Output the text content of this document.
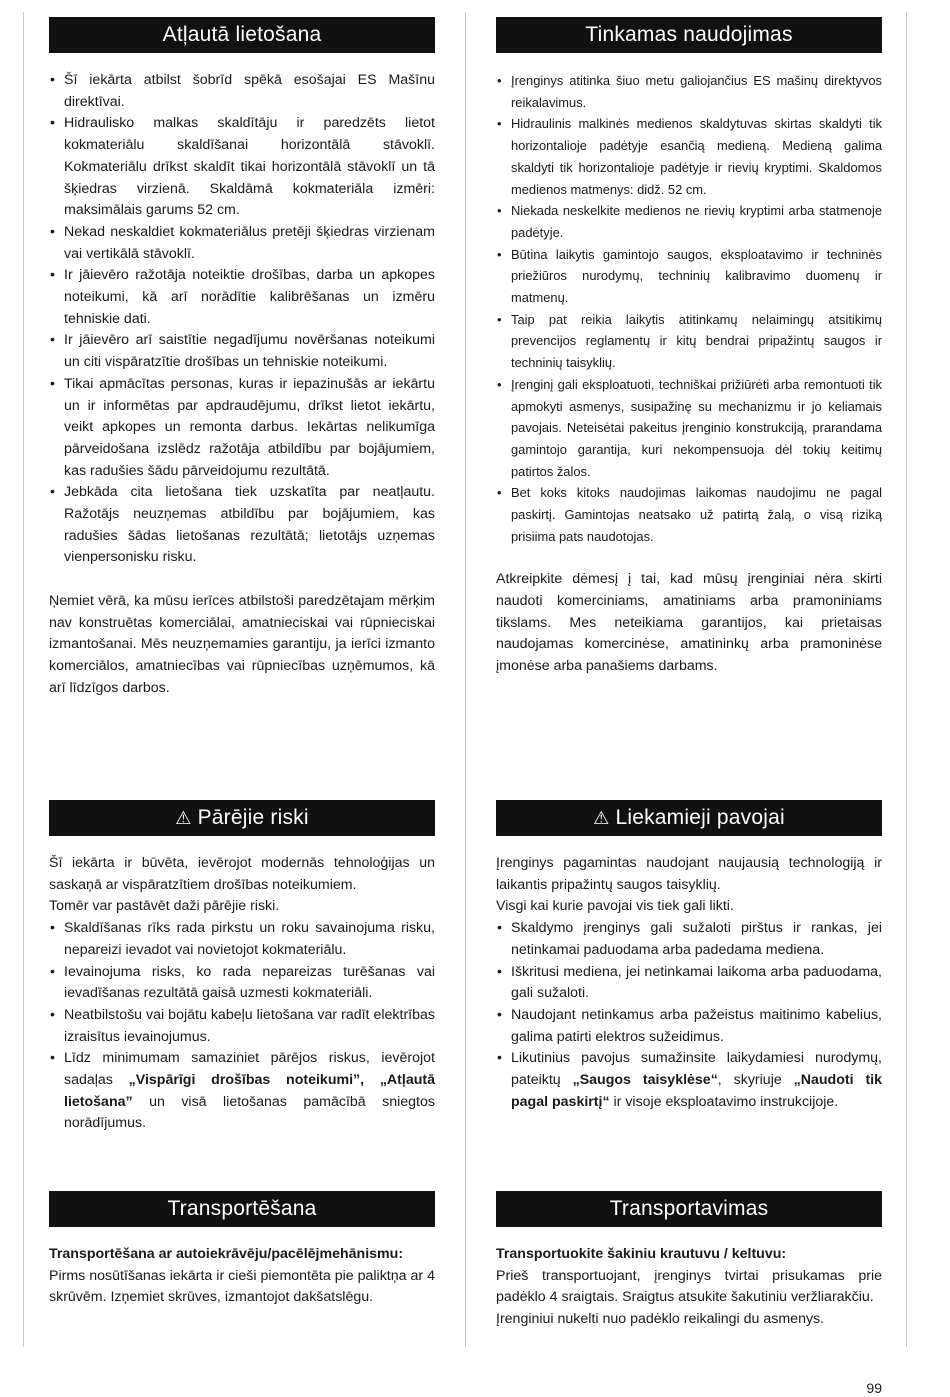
Atļautā lietošana
• Šī iekārta atbilst šobrīd spēkā esošajai ES Mašīnu direktīvai.
• Hidraulisko malkas skaldītāju ir paredzēts lietot kokmateriālu skaldīšanai horizontālā stāvoklī. Kokmateriālu drīkst skaldīt tikai horizontālā stāvoklī un tā šķiedras virzienā. Skaldāmā kokmateriāla izmēri: maksimālais garums 52 cm.
• Nekad neskaldiet kokmateriālus pretēji šķiedras virzienam vai vertikālā stāvoklī.
• Ir jāievēro ražotāja noteiktie drošības, darba un apkopes noteikumi, kā arī norādītie kalibrēšanas un izmēru tehniskie dati.
• Ir jāievēro arī saistītie negadījumu novēršanas noteikumi un citi vispāratzītie drošības un tehniskie noteikumi.
• Tikai apmācītas personas, kuras ir iepazinušās ar iekārtu un ir informētas par apdraudējumu, drīkst lietot iekārtu, veikt apkopes un remonta darbus. Iekārtas nelikumīga pārveidošana izslēdz ražotāja atbildību par bojājumiem, kas radušies šādu pārveidojumu rezultātā.
• Jebkāda cita lietošana tiek uzskatīta par neatļautu. Ražotājs neuzņemas atbildību par bojājumiem, kas radušies šādas lietošanas rezultātā; lietotājs uzņemas vienpersonisku risku.

Ņemiet vērā, ka mūsu ierīces atbilstoši paredzētajam mērķim nav konstruētas komerciālai, amatnieciskai vai rūpnieciskai izmantošanai. Mēs neuzņemamies garantiju, ja ierīci izmanto komerciālos, amatniecības vai rūpniecības uzņēmumos, kā arī līdzīgos darbos.

⚠ Pārējie riski

Šī iekārta ir būvēta, ievērojot modernās tehnoloģijas un saskaņā ar vispāratzītiem drošības noteikumiem.

Tomēr var pastāvēt daži pārējie riski.

• Skaldīšanas rīks rada pirkstu un roku savainojuma risku, nepareizi ievadot vai novietojot kokmateriālu.
• Ievainojuma risks, ko rada nepareizas turēšanas vai ievadīšanas rezultātā gaisā uzmesti kokmateriāli.
• Neatbilstošu vai bojātu kabeļu lietošana var radīt elektrības izraisītus ievainojumus.
• Līdz minimumam samaziniet pārējos riskus, ievērojot sadaļas „Vispārīgi drošības noteikumi”, „Atļautā lietošana” un visā lietošanas pamācībā sniegtos norādījumus.
Transportēšana

Transportēšana ar autoiekrāvēju/pacēlējmehānismu:

Pirms nosūtīšanas iekārta ir cieši piemontēta pie paliktņa ar 4 skrūvēm. Izņemiet skrūves, izmantojot dakšatslēgu.

Tinkamas naudojimas
• Įrenginys atitinka šiuo metu galiojančius ES mašinų direktyvos reikalavimus.
• Hidraulinis malkinės medienos skaldytuvas skirtas skaldyti tik horizontalioje padėtyje esančią medieną. Medieną galima skaldyti tik horizontalioje padėtyje ir rievių kryptimi. Skaldomos medienos matmenys: didž. 52 cm.
• Niekada neskelkite medienos ne rievių kryptimi arba statmenoje padėtyje.
• Būtina laikytis gamintojo saugos, eksploatavimo ir techninės priežiūros nurodymų, techninių kalibravimo duomenų ir matmenų.
• Taip pat reikia laikytis atitinkamų nelaimingų atsitikimų prevencijos reglamentų ir kitų bendrai pripažintų saugos ir techninių taisyklių.
• Įrenginį gali eksploatuoti, techniškai prižiūrėti arba remontuoti tik apmokyti asmenys, susipažinę su mechanizmu ir jo keliamais pavojais. Neteisėtai pakeitus įrenginio konstrukciją, prarandama gamintojo garantija, kuri nekompensuoja dėl tokių keitimų patirtos žalos.
• Bet koks kitoks naudojimas laikomas naudojimu ne pagal paskirtį. Gamintojas neatsako už patirtą žalą, o visą riziką prisiima pats naudotojas.

Atkreipkite dėmesį į tai, kad mūsų įrenginiai nėra skirti naudoti komerciniams, amatiniams arba pramoniniams tikslams. Mes neteikiama garantijos, kai prietaisas naudojamas komercinėse, amatininkų arba pramoninėse įmonėse arba panašiems darbams.

⚠ Liekamieji pavojai

Įrenginys pagamintas naudojant naujausią technologiją ir laikantis pripažintų saugos taisyklių.

Visgi kai kurie pavojai vis tiek gali likti.

• Skaldymo įrenginys gali sužaloti pirštus ir rankas, jei netinkamai paduodama arba padedama mediena.
• Iškritusi mediena, jei netinkamai laikoma arba paduodama, gali sužaloti.
• Naudojant netinkamus arba pažeistus maitinimo kabelius, galima patirti elektros sužeidimus.
• Likutinius pavojus sumažinsite laikydamiesi nurodymų, pateiktų „Saugos taisyklėse“, skyriuje „Naudoti tik pagal paskirtį“ ir visoje eksploatavimo instrukcijoje.
Transportavimas

Transportuokite šakiniu krautuvu / keltuvu:

Prieš transportuojant, įrenginys tvirtai prisukamas prie padėklo 4 sraigtais. Sraigtus atsukite šakutiniu veržliarakčiu.

Įrenginiui nukelti nuo padėklo reikalingi du asmenys.

99
